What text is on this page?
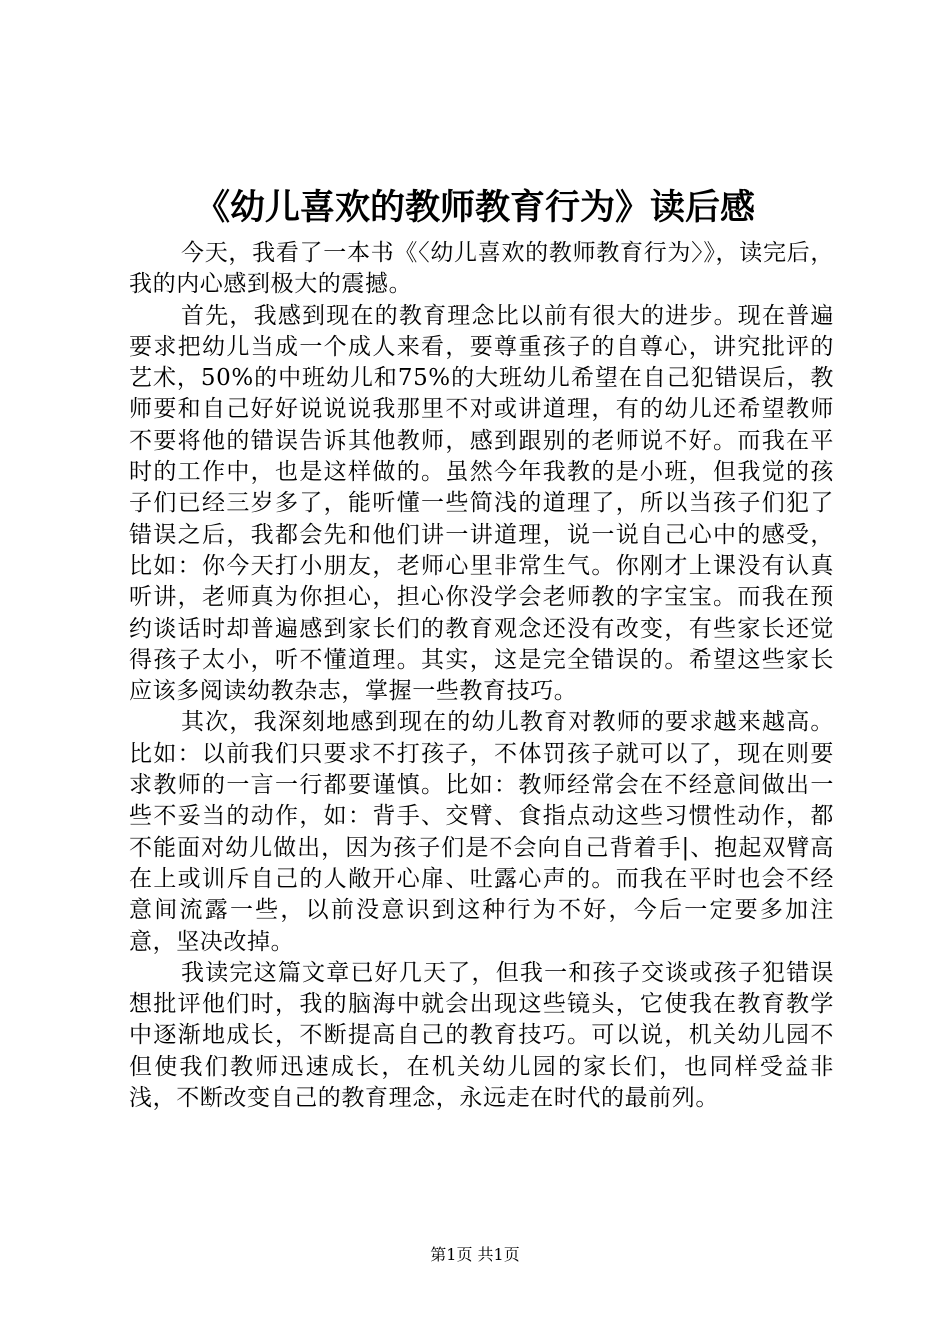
《幼儿喜欢的教师教育行为》读后感

今天，我看了一本书《〈幼儿喜欢的教师教育行为〉》，读完后，我的内心感到极大的震撼。

首先，我感到现在的教育理念比以前有很大的进步。现在普遍要求把幼儿当成一个成人来看，要尊重孩子的自尊心，讲究批评的艺术，50%的中班幼儿和75%的大班幼儿希望在自己犯错误后，教师要和自己好好说说说我那里不对或讲道理，有的幼儿还希望教师不要将他的错误告诉其他教师，感到跟别的老师说不好。而我在平时的工作中，也是这样做的。虽然今年我教的是小班，但我觉的孩子们已经三岁多了，能听懂一些简浅的道理了，所以当孩子们犯了错误之后，我都会先和他们讲一讲道理，说一说自己心中的感受，比如：你今天打小朋友，老师心里非常生气。你刚才上课没有认真听讲，老师真为你担心，担心你没学会老师教的字宝宝。而我在预约谈话时却普遍感到家长们的教育观念还没有改变，有些家长还觉得孩子太小，听不懂道理。其实，这是完全错误的。希望这些家长应该多阅读幼教杂志，掌握一些教育技巧。

其次，我深刻地感到现在的幼儿教育对教师的要求越来越高。比如：以前我们只要求不打孩子，不体罚孩子就可以了，现在则要求教师的一言一行都要谨慎。比如：教师经常会在不经意间做出一些不妥当的动作，如：背手、交臂、食指点动这些习惯性动作，都不能面对幼儿做出，因为孩子们是不会向自己背着手|、抱起双臂高在上或训斥自己的人敞开心扉、吐露心声的。而我在平时也会不经意间流露一些，以前没意识到这种行为不好，今后一定要多加注意，坚决改掉。

我读完这篇文章已好几天了，但我一和孩子交谈或孩子犯错误想批评他们时，我的脑海中就会出现这些镜头，它使我在教育教学中逐渐地成长，不断提高自己的教育技巧。可以说，机关幼儿园不但使我们教师迅速成长，在机关幼儿园的家长们，也同样受益非浅，不断改变自己的教育理念，永远走在时代的最前列。

第1页 共1页
